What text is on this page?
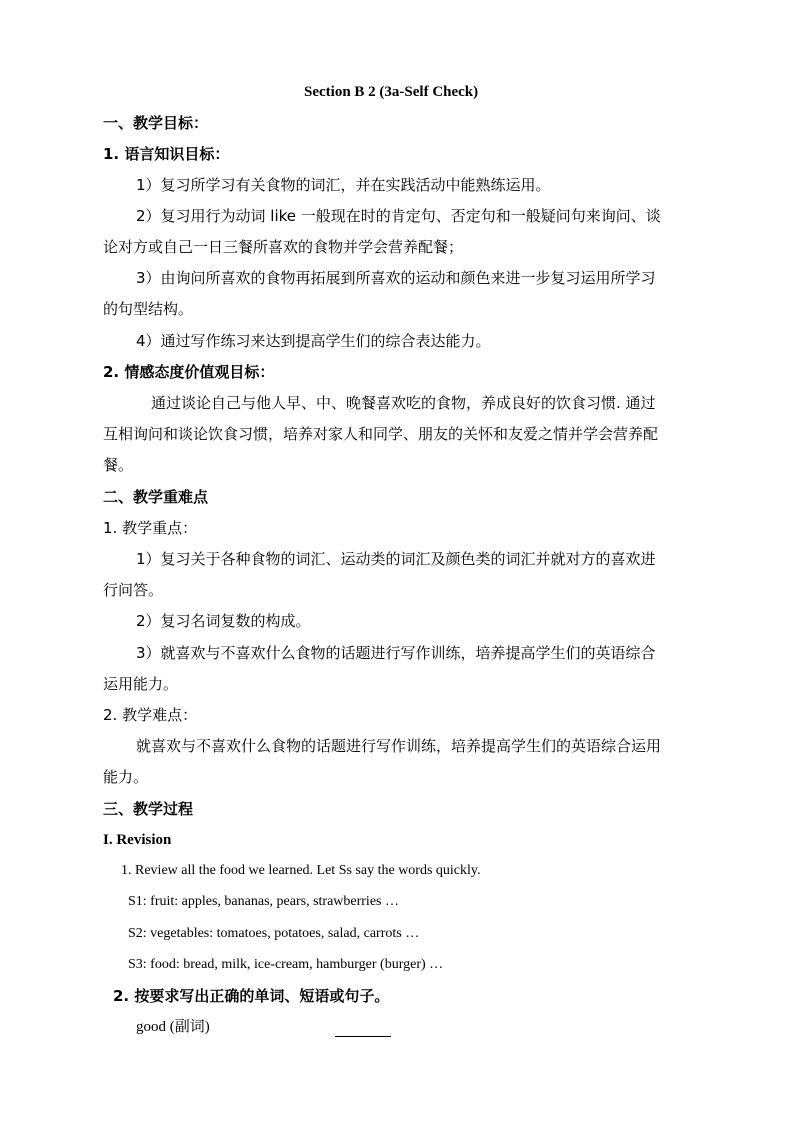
Section B 2 (3a-Self Check)
一、教学目标：
1. 语言知识目标：
1）复习所学习有关食物的词汇，并在实践活动中能熟练运用。
2）复习用行为动词 like 一般现在时的肯定句、否定句和一般疑问句来询问、谈
论对方或自己一日三餐所喜欢的食物并学会营养配餐；
3）由询问所喜欢的食物再拓展到所喜欢的运动和颜色来进一步复习运用所学习
的句型结构。
4）通过写作练习来达到提高学生们的综合表达能力。
2. 情感态度价值观目标：
通过谈论自己与他人早、中、晚餐喜欢吃的食物，养成良好的饮食习惯. 通过
互相询问和谈论饮食习惯，培养对家人和同学、朋友的关怀和友爱之情并学会营养配
餐。
二、教学重难点
1. 教学重点：
1）复习关于各种食物的词汇、运动类的词汇及颜色类的词汇并就对方的喜欢进
行问答。
2）复习名词复数的构成。
3）就喜欢与不喜欢什么食物的话题进行写作训练，培养提高学生们的英语综合
运用能力。
2. 教学难点：
就喜欢与不喜欢什么食物的话题进行写作训练，培养提高学生们的英语综合运用
能力。
三、教学过程
I. Revision
1. Review all the food we learned. Let Ss say the words quickly.
S1: fruit: apples, bananas, pears, strawberries …
S2: vegetables: tomatoes, potatoes, salad, carrots …
S3: food: bread, milk, ice-cream, hamburger (burger) …
2. 按要求写出正确的单词、短语或句子。
good (副词)
